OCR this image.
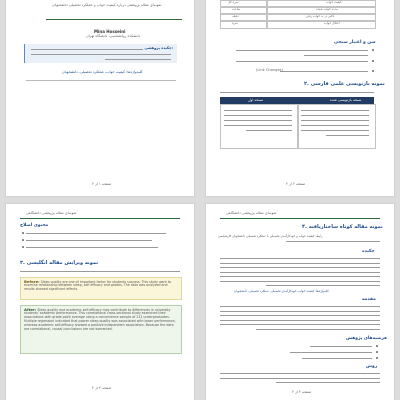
نمونه‌ای مقاله پژوهشی درباره کیفیت خواب و عملکرد تحصیلی دانشجویان
Mina Hosseini
دانشکده روانشناسی، دانشگاه تهران
چکیده پژوهشی:
کلیدواژه‌ها: کیفیت خواب، عملکرد تحصیلی، دانشجویان
صفحه ۱ از ۴
کیفیت خواب
نمره کل
مدت خواب شبانه
ساعت
تأخیر در به خواب رفتن
دقیقه
اختلال خواب
نمره
سن و اعتبار سنجی
(Link Changes)
۲. نمونه بازنویسی علمی فارسی
نسخه اول	نسخه بازنویسی شده
صفحه ۲ از ۴
نمونه‌ای مقاله پژوهشی دانشگاهی
محتوی اصلاح
۳. نمونه ویرایش مقاله انگلیسی
Before: Sleep quality are one of important factor for students success. This study want to examine relationship between sleep, self efficacy and grades. The data was analyzed and results showed significant effects.
After: Sleep quality and academic self-efficacy may contribute to differences in university students' academic performance. This correlational cross-sectional study examined their associations with grade point average using a convenience sample of 212 undergraduates. Multiple regression indicated that poorer sleep quality was associated with lower performance, whereas academic self-efficacy showed a positive independent association. Because the data are correlational, causal conclusions are not warranted.
صفحه ۳ از ۴
نمونه‌ای مقاله پژوهشی دانشگاهی
۴. نمونه مقاله کوتاه ساختاریافته
رابطه کیفیت خواب و خودکارآمدی تحصیلی با عملکرد تحصیلی دانشجویان کارشناسی
چکیده
کلیدواژه‌ها: کیفیت خواب، خودکارآمدی تحصیلی، عملکرد تحصیلی، دانشجویان
مقدمه
فرضیه‌های پژوهش
روش
صفحه ۴ از ۴
